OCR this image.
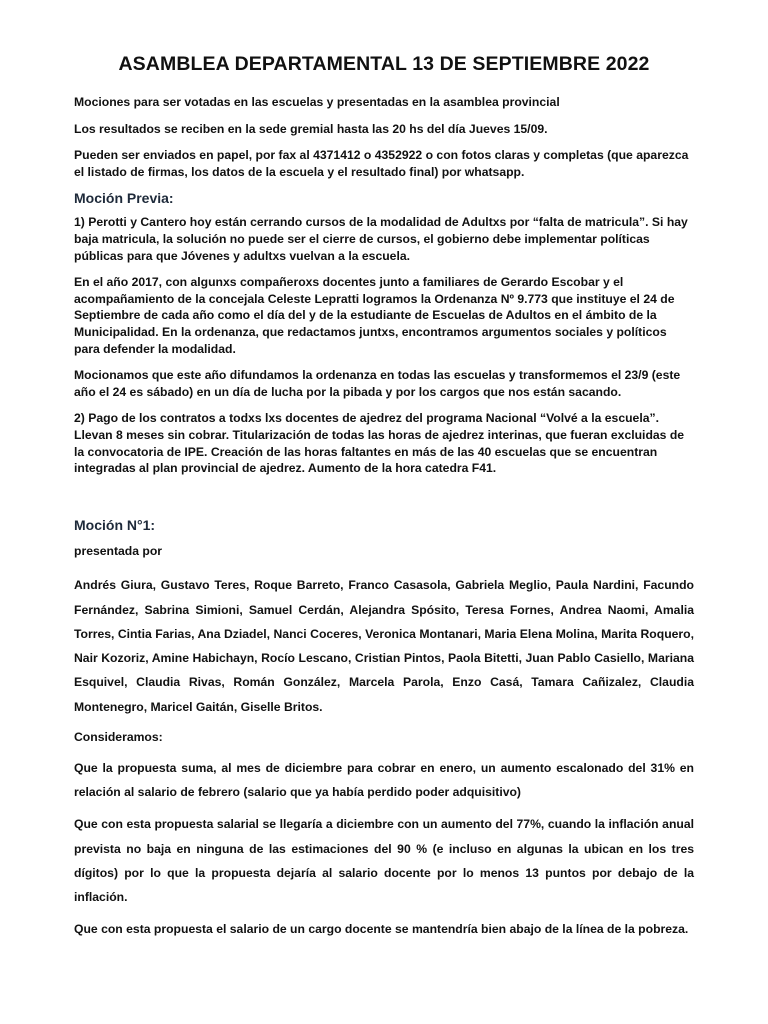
ASAMBLEA DEPARTAMENTAL 13 DE SEPTIEMBRE 2022

Mociones para ser votadas en las escuelas y presentadas en la asamblea provincial

Los resultados se reciben en la sede gremial hasta las 20 hs del día Jueves 15/09.

Pueden ser enviados en papel, por fax al 4371412 o 4352922 o con fotos claras y completas (que aparezca el listado de firmas, los datos de la escuela y el resultado final) por whatsapp.

Moción Previa:

1) Perotti y Cantero hoy están cerrando cursos de la modalidad de Adultxs por “falta de matricula”. Si hay baja matricula, la solución no puede ser el cierre de cursos, el gobierno debe implementar políticas públicas para que Jóvenes y adultxs vuelvan a la escuela.

En el año 2017, con algunxs compañeroxs docentes junto a familiares de Gerardo Escobar y el acompañamiento de la concejala Celeste Lepratti logramos la Ordenanza Nº 9.773 que instituye el 24 de Septiembre de cada año como el día del y de la estudiante de Escuelas de Adultos en el ámbito de la Municipalidad. En la ordenanza, que redactamos juntxs, encontramos argumentos sociales y políticos para defender la modalidad.

Mocionamos que este año difundamos la ordenanza en todas las escuelas y transformemos el 23/9 (este año el 24 es sábado) en un día de lucha por la pibada y por los cargos que nos están sacando.

2) Pago de los contratos a todxs lxs docentes de ajedrez del programa Nacional “Volvé a la escuela”. Llevan 8 meses sin cobrar. Titularización de todas las horas de ajedrez interinas, que fueran excluidas de la convocatoria de IPE. Creación de las horas faltantes en más de las 40 escuelas que se encuentran integradas al plan provincial de ajedrez. Aumento de la hora catedra F41.

Moción N°1:

presentada por

Andrés Giura, Gustavo Teres, Roque Barreto, Franco Casasola, Gabriela Meglio, Paula Nardini, Facundo Fernández, Sabrina Simioni, Samuel Cerdán, Alejandra Spósito, Teresa Fornes, Andrea Naomi, Amalia Torres, Cintia Farias, Ana Dziadel, Nanci Coceres, Veronica Montanari, Maria Elena Molina, Marita Roquero, Nair Kozoriz, Amine Habichayn, Rocío Lescano, Cristian Pintos, Paola Bitetti, Juan Pablo Casiello, Mariana Esquivel, Claudia Rivas, Román González, Marcela Parola, Enzo Casá, Tamara Cañizalez, Claudia Montenegro, Maricel Gaitán, Giselle Britos.

Consideramos:

Que la propuesta suma, al mes de diciembre para cobrar en enero, un aumento escalonado del 31% en relación al salario de febrero (salario que ya había perdido poder adquisitivo)

Que con esta propuesta salarial se llegaría a diciembre con un aumento del 77%, cuando la inflación anual prevista no baja en ninguna de las estimaciones del 90 % (e incluso en algunas la ubican en los tres dígitos) por lo que la propuesta dejaría al salario docente por lo menos 13 puntos por debajo de la inflación.

Que con esta propuesta el salario de un cargo docente se mantendría bien abajo de la línea de la pobreza.
